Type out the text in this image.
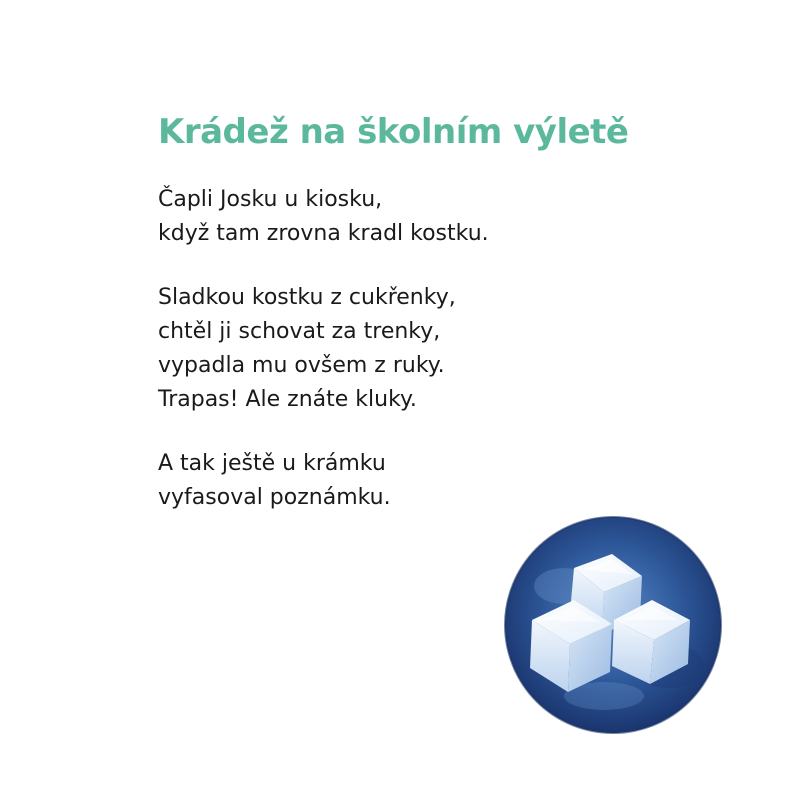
Krádež na školním výletě
Čapli Josku u kiosku,
když tam zrovna kradl kostku.
Sladkou kostku z cukřenky,
chtěl ji schovat za trenky,
vypadla mu ovšem z ruky.
Trapas! Ale znáte kluky.
A tak ještě u krámku
vyfasoval poznámku.
